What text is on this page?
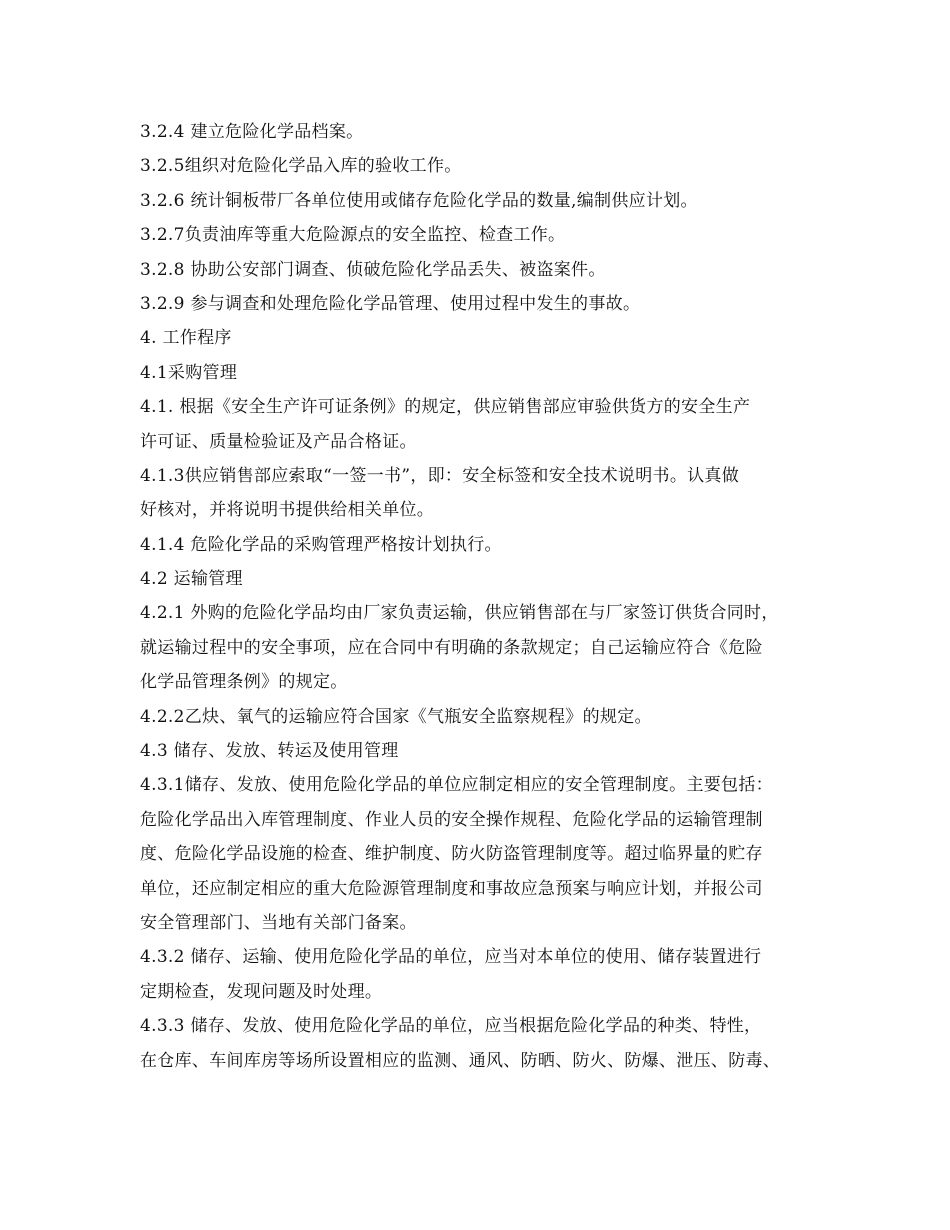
3.2.4 建立危险化学品档案。
3.2.5组织对危险化学品入库的验收工作。
3.2.6 统计铜板带厂各单位使用或储存危险化学品的数量,编制供应计划。
3.2.7负责油库等重大危险源点的安全监控、检查工作。
3.2.8 协助公安部门调查、侦破危险化学品丢失、被盗案件。
3.2.9 参与调查和处理危险化学品管理、使用过程中发生的事故。
4. 工作程序
4.1采购管理
4.1. 根据《安全生产许可证条例》的规定，供应销售部应审验供货方的安全生产
许可证、质量检验证及产品合格证。
4.1.3供应销售部应索取“一签一书”，即：安全标签和安全技术说明书。认真做
好核对，并将说明书提供给相关单位。
4.1.4 危险化学品的采购管理严格按计划执行。
4.2 运输管理
4.2.1 外购的危险化学品均由厂家负责运输，供应销售部在与厂家签订供货合同时，
就运输过程中的安全事项，应在合同中有明确的条款规定；自己运输应符合《危险
化学品管理条例》的规定。
4.2.2乙炔、氧气的运输应符合国家《气瓶安全监察规程》的规定。
4.3 储存、发放、转运及使用管理
4.3.1储存、发放、使用危险化学品的单位应制定相应的安全管理制度。主要包括：
危险化学品出入库管理制度、作业人员的安全操作规程、危险化学品的运输管理制
度、危险化学品设施的检查、维护制度、防火防盗管理制度等。超过临界量的贮存
单位，还应制定相应的重大危险源管理制度和事故应急预案与响应计划，并报公司
安全管理部门、当地有关部门备案。
4.3.2 储存、运输、使用危险化学品的单位，应当对本单位的使用、储存装置进行
定期检查，发现问题及时处理。
4.3.3 储存、发放、使用危险化学品的单位，应当根据危险化学品的种类、特性，
在仓库、车间库房等场所设置相应的监测、通风、防晒、防火、防爆、泄压、防毒、
